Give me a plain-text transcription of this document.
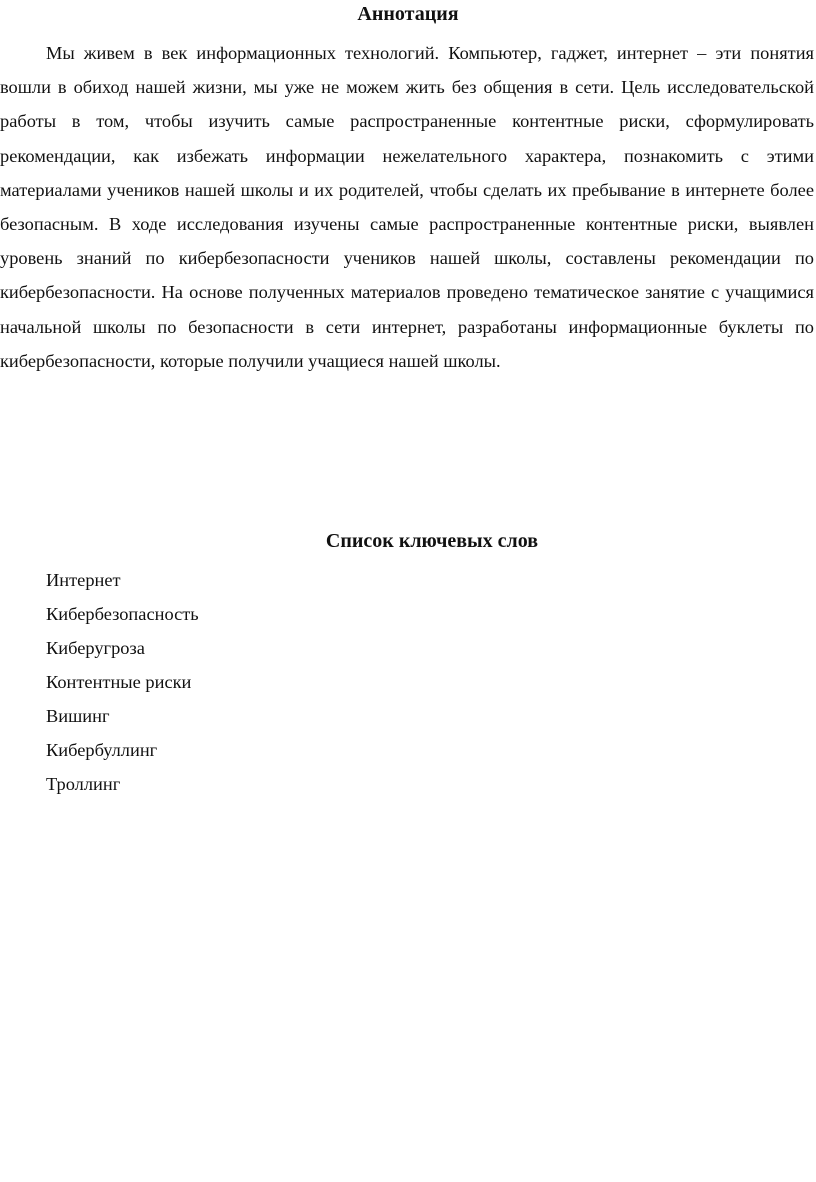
Аннотация

Мы живем в век информационных технологий. Компьютер, гаджет, интернет – эти понятия вошли в обиход нашей жизни, мы уже не можем жить без общения в сети. Цель исследовательской работы в том, чтобы изучить самые распространенные контентные риски, сформулировать рекомендации, как избежать информации нежелательного характера, познакомить с этими материалами учеников нашей школы и их родителей, чтобы сделать их пребывание в интернете более безопасным. В ходе исследования изучены самые распространенные контентные риски, выявлен уровень знаний по кибербезопасности учеников нашей школы, составлены рекомендации по кибербезопасности. На основе полученных материалов проведено тематическое занятие с учащимися начальной школы по безопасности в сети интернет, разработаны информационные буклеты по кибербезопасности, которые получили учащиеся нашей школы.

Список ключевых слов
Интернет
Кибербезопасность
Киберугроза
Контентные риски
Вишинг
Кибербуллинг
Троллинг
